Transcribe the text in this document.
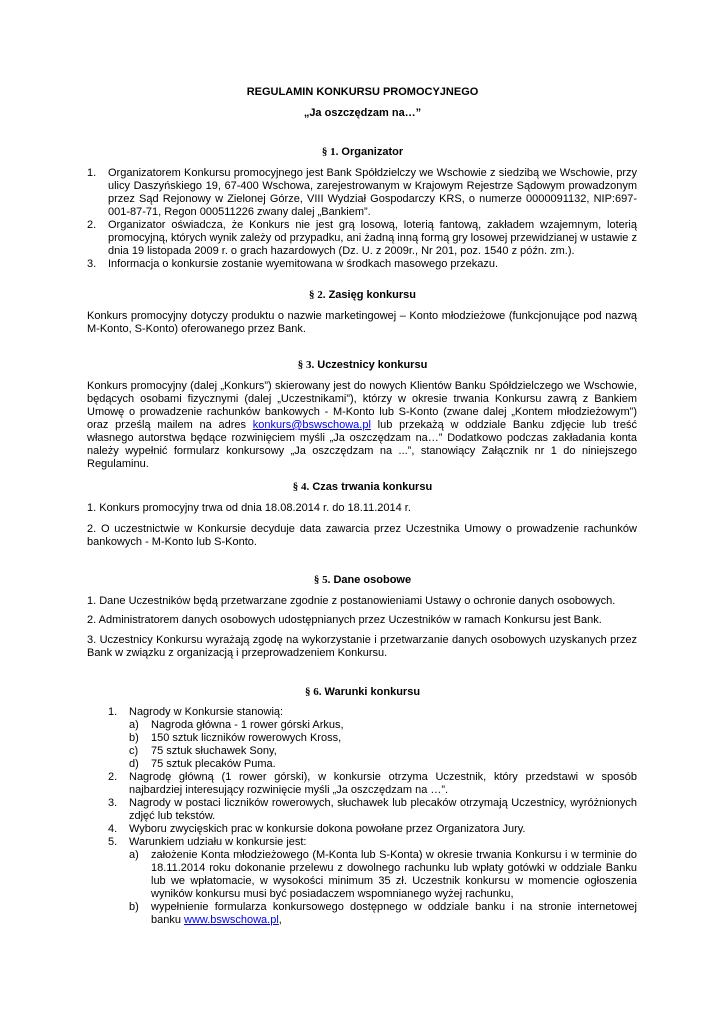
REGULAMIN KONKURSU PROMOCYJNEGO

„Ja oszczędzam na…”

§ 1. Organizator

1. Organizatorem Konkursu promocyjnego jest Bank Spółdzielczy we Wschowie z siedzibą we Wschowie, przy ulicy Daszyńskiego 19, 67-400 Wschowa, zarejestrowanym w Krajowym Rejestrze Sądowym prowadzonym przez Sąd Rejonowy w Zielonej Górze, VIII Wydział Gospodarczy KRS, o numerze 0000091132, NIP:697-001-87-71, Regon 000511226 zwany dalej „Bankiem”.

2. Organizator oświadcza, że Konkurs nie jest grą losową, loterią fantową, zakładem wzajemnym, loterią promocyjną, których wynik zależy od przypadku, ani żadną inną formą gry losowej przewidzianej w ustawie z dnia 19 listopada 2009 r. o grach hazardowych (Dz. U. z 2009r., Nr 201, poz. 1540 z późn. zm.).

3. Informacja o konkursie zostanie wyemitowana w środkach masowego przekazu.

§ 2. Zasięg konkursu

Konkurs promocyjny dotyczy produktu o nazwie marketingowej – Konto młodzieżowe (funkcjonujące pod nazwą M-Konto, S-Konto) oferowanego przez Bank.

§ 3. Uczestnicy konkursu

Konkurs promocyjny (dalej „Konkurs”) skierowany jest do nowych Klientów Banku Spółdzielczego we Wschowie, będących osobami fizycznymi (dalej „Uczestnikami”), którzy w okresie trwania Konkursu zawrą z Bankiem Umowę o prowadzenie rachunków bankowych - M-Konto lub S-Konto (zwane dalej „Kontem młodzieżowym”) oraz prześlą mailem na adres konkurs@bswschowa.pl lub przekażą w oddziale Banku zdjęcie lub treść własnego autorstwa będące rozwinięciem myśli „Ja oszczędzam na…” Dodatkowo podczas zakładania konta należy wypełnić formularz konkursowy „Ja oszczędzam na ...”, stanowiący Załącznik nr 1 do niniejszego Regulaminu.

§ 4. Czas trwania konkursu

1. Konkurs promocyjny trwa od dnia 18.08.2014 r. do 18.11.2014 r.

2. O uczestnictwie w Konkursie decyduje data zawarcia przez Uczestnika Umowy o prowadzenie rachunków bankowych - M-Konto lub S-Konto.

§ 5. Dane osobowe

1. Dane Uczestników będą przetwarzane zgodnie z postanowieniami Ustawy o ochronie danych osobowych.

2. Administratorem danych osobowych udostępnianych przez Uczestników w ramach Konkursu jest Bank.

3. Uczestnicy Konkursu wyrażają zgodę na wykorzystanie i przetwarzanie danych osobowych uzyskanych przez Bank w związku z organizacją i przeprowadzeniem Konkursu.

§ 6. Warunki konkursu

1. Nagrody w Konkursie stanowią:

a) Nagroda główna - 1 rower górski Arkus,

b) 150 sztuk liczników rowerowych Kross,

c) 75 sztuk słuchawek Sony,

d) 75 sztuk plecaków Puma.

2. Nagrodę główną (1 rower górski), w konkursie otrzyma Uczestnik, który przedstawi w sposób najbardziej interesujący rozwinięcie myśli „Ja oszczędzam na …”.

3. Nagrody w postaci liczników rowerowych, słuchawek lub plecaków otrzymają Uczestnicy, wyróżnionych zdjęć lub tekstów.

4. Wyboru zwycięskich prac w konkursie dokona powołane przez Organizatora Jury.

5. Warunkiem udziału w konkursie jest:

a) założenie Konta młodzieżowego (M-Konta lub S-Konta) w okresie trwania Konkursu i w terminie do 18.11.2014 roku dokonanie przelewu z dowolnego rachunku lub wpłaty gotówki w oddziale Banku lub we wpłatomacie, w wysokości minimum 35 zł. Uczestnik konkursu w momencie ogłoszenia wyników konkursu musi być posiadaczem wspomnianego wyżej rachunku,

b) wypełnienie formularza konkursowego dostępnego w oddziale banku i na stronie internetowej banku www.bswschowa.pl,
